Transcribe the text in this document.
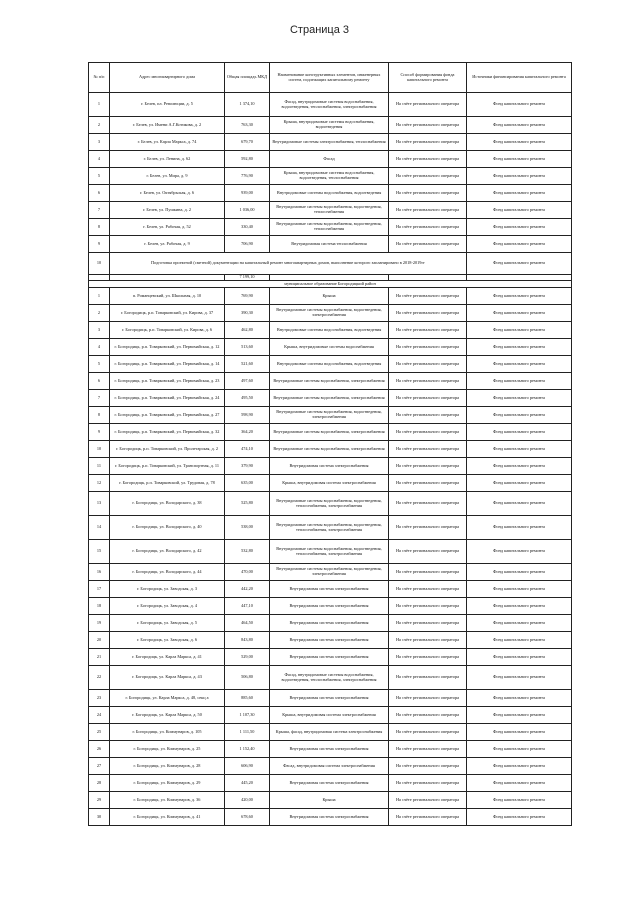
Страница 3
№ п/п	Адрес многоквартирного дома	Общая площадь МКД	Наименование конструктивных элементов, инженерных систем, подлежащих капитальному ремонту	Способ формирования фонда капитального ремонта	Источники финансирования капитального ремонта
1	г. Белев, пл. Революции, д. 5	1 374,10	Фасад, внутридомовые системы водоснабжения, водоотведения, теплоснабжения, электроснабжения	На счёте регионального оператора	Фонд капитального ремонта
2	г. Белев, ул. Имени А.Г.Котикова, д. 2	763,30	Крыша, внутридомовые системы водоснабжения, водоотведения	На счёте регионального оператора	Фонд капитального ремонта
3	г. Белев, ул. Карла Маркса, д. 74	679,70	Внутридомовые системы электроснабжения, теплоснабжения	На счёте регионального оператора	Фонд капитального ремонта
4	г. Белев, ул. Ленина, д. 62	592,80	Фасад	На счёте регионального оператора	Фонд капитального ремонта
5	г. Белев, ул. Мира, д. 9	776,90	Крыша, внутридомовые системы водоснабжения, водоотведения, теплоснабжения	На счёте регионального оператора	Фонд капитального ремонта
6	г. Белев, ул. Октябрьская, д. 6	939,00	Внутридомовые системы водоснабжения, водоотведения	На счёте регионального оператора	Фонд капитального ремонта
7	г. Белев, ул. Пушкина, д. 2	1 036,00	Внутридомовые системы водоснабжения, водоотведения, теплоснабжения	На счёте регионального оператора	Фонд капитального ремонта
8	г. Белев, ул. Рабочая, д. 52	330,40	Внутридомовые системы водоснабжения, водоотведения, теплоснабжения	На счёте регионального оператора	Фонд капитального ремонта
9	г. Белев, ул. Рабочая, д. 9	706,90	Внутридомовая система теплоснабжения	На счёте регионального оператора	Фонд капитального ремонта
10	Подготовка проектной (сметной) документации на капитальный ремонт многоквартирных домов, выполнение которого запланировано в 2018-2019гг				Фонд капитального ремонта
		7 199,10			
муниципальное образование Богородицкий район					
1	п. Романцевский, ул. Школьная, д. 10	769,90	Крыша	На счёте регионального оператора	Фонд капитального ремонта
2	г. Богородицк, р.п. Товарковский, ул. Кирова, д. 37	390,30	Внутридомовые системы водоснабжения, водоотведения, электроснабжения	На счёте регионального оператора	Фонд капитального ремонта
3	г. Богородицк, р.п. Товарковский, ул. Кирова, д. 6	462,80	Внутридомовые системы водоснабжения, водоотведения	На счёте регионального оператора	Фонд капитального ремонта
4	г. Богородицк, р.п. Товарковский, ул. Первомайская, д. 12	513,60	Крыша, внутридомовые системы водоснабжения	На счёте регионального оператора	Фонд капитального ремонта
5	г. Богородицк, р.п. Товарковский, ул. Первомайская, д. 14	521,60	Внутридомовые системы водоснабжения, водоотведения	На счёте регионального оператора	Фонд капитального ремонта
6	г. Богородицк, р.п. Товарковский, ул. Первомайская, д. 23	497,60	Внутридомовые системы водоснабжения, электроснабжения	На счёте регионального оператора	Фонд капитального ремонта
7	г. Богородицк, р.п. Товарковский, ул. Первомайская, д. 24	495,50	Внутридомовые системы водоснабжения, электроснабжения	На счёте регионального оператора	Фонд капитального ремонта
8	г. Богородицк, р.п. Товарковский, ул. Первомайская, д. 27	598,90	Внутридомовые системы водоснабжения, водоотведения, электроснабжения	На счёте регионального оператора	Фонд капитального ремонта
9	г. Богородицк, р.п. Товарковский, ул. Первомайская, д. 32	364,20	Внутридомовые системы водоснабжения, электроснабжения	На счёте регионального оператора	Фонд капитального ремонта
10	г. Богородицк, р.п. Товарковский, ул. Пролетарская, д. 2	474,10	Внутридомовые системы водоснабжения, электроснабжения	На счёте регионального оператора	Фонд капитального ремонта
11	г. Богородицк, р.п. Товарковский, ул. Транспортная, д. 11	379,90	Внутридомовая система электроснабжения	На счёте регионального оператора	Фонд капитального ремонта
12	г. Богородицк, р.п. Товарковский, ул. Трудовая, д. 78	635,00	Крыша, внутридомовая система электроснабжения	На счёте регионального оператора	Фонд капитального ремонта
13	г. Богородицк, ул. Володарского, д. 38	525,80	Внутридомовые системы водоснабжения, водоотведения, теплоснабжения, электроснабжения	На счёте регионального оператора	Фонд капитального ремонта
14	г. Богородицк, ул. Володарского, д. 40	538,00	Внутридомовые системы водоснабжения, водоотведения, теплоснабжения, электроснабжения	На счёте регионального оператора	Фонд капитального ремонта
15	г. Богородицк, ул. Володарского, д. 42	532,80	Внутридомовые системы водоснабжения, водоотведения, теплоснабжения, электроснабжения	На счёте регионального оператора	Фонд капитального ремонта
16	г. Богородицк, ул. Володарского, д. 44	470,00	Внутридомовые системы водоснабжения, водоотведения, электроснабжения	На счёте регионального оператора	Фонд капитального ремонта
17	г. Богородицк, ул. Заводская, д. 3	442,20	Внутридомовая система электроснабжения	На счёте регионального оператора	Фонд капитального ремонта
18	г. Богородицк, ул. Заводская, д. 4	447,10	Внутридомовая система электроснабжения	На счёте регионального оператора	Фонд капитального ремонта
19	г. Богородицк, ул. Заводская, д. 5	464,50	Внутридомовая система электроснабжения	На счёте регионального оператора	Фонд капитального ремонта
20	г. Богородицк, ул. Заводская, д. 6	843,80	Внутридомовая система электроснабжения	На счёте регионального оператора	Фонд капитального ремонта
21	г. Богородицк, ул. Карла Маркса, д. 41	529,00	Внутридомовая система электроснабжения	На счёте регионального оператора	Фонд капитального ремонта
22	г. Богородицк, ул. Карла Маркса, д. 43	506,80	Фасад, внутридомовые системы водоснабжения, водоотведения, теплоснабжения, электроснабжения	На счёте регионального оператора	Фонд капитального ремонта
23	г. Богородицк, ул. Карла Маркса, д. 48, секц а	885,60	Внутридомовая система электроснабжения	На счёте регионального оператора	Фонд капитального ремонта
24	г. Богородицк, ул. Карла Маркса, д. 50	1 107,30	Крыша, внутридомовая система электроснабжения	На счёте регионального оператора	Фонд капитального ремонта
25	г. Богородицк, ул. Коммунаров, д. 105	1 111,50	Крыша, фасад, внутридомовая система электроснабжения	На счёте регионального оператора	Фонд капитального ремонта
26	г. Богородицк, ул. Коммунаров, д. 25	1 152,40	Внутридомовая система электроснабжения	На счёте регионального оператора	Фонд капитального ремонта
27	г. Богородицк, ул. Коммунаров, д. 28	606,90	Фасад, внутридомовая система электроснабжения	На счёте регионального оператора	Фонд капитального ремонта
28	г. Богородицк, ул. Коммунаров, д. 29	445,20	Внутридомовая система электроснабжения	На счёте регионального оператора	Фонд капитального ремонта
29	г. Богородицк, ул. Коммунаров, д. 36	420,00	Крыша	На счёте регионального оператора	Фонд капитального ремонта
30	г. Богородицк, ул. Коммунаров, д. 41	678,60	Внутридомовая система электроснабжения	На счёте регионального оператора	Фонд капитального ремонта
